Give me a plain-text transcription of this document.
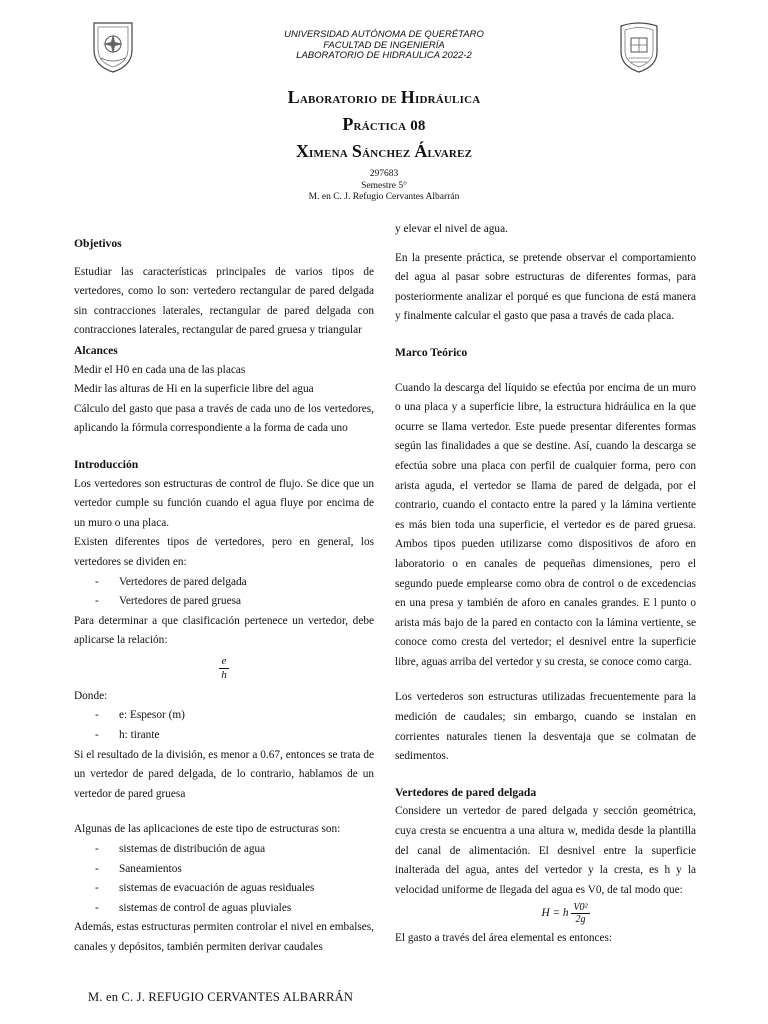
UNIVERSIDAD AUTÓNOMA DE QUERÉTARO
FACULTAD DE INGENIERÍA
LABORATORIO DE HIDRAULICA 2022-2
Laboratorio de Hidráulica
Práctica 08
Ximena Sánchez Álvarez
297683
Semestre 5°
M. en C. J. Refugio Cervantes Albarrán

Objetivos

Estudiar las características principales de varios tipos de vertedores, como lo son: vertedero rectangular de pared delgada sin contracciones laterales, rectangular de pared delgada con contracciones laterales, rectangular de pared gruesa y triangular

Alcances

Medir el H0 en cada una de las placas

Medir las alturas de Hi en la superficie libre del agua

Cálculo del gasto que pasa a través de cada uno de los vertedores, aplicando la fórmula correspondiente a la forma de cada uno

Introducción

Los vertedores son estructuras de control de flujo. Se dice que un vertedor cumple su función cuando el agua fluye por encima de un muro o una placa.

Existen diferentes tipos de vertedores, pero en general, los vertedores se dividen en:

- Vertedores de pared delgada

- Vertedores de pared gruesa

Para determinar a que clasificación pertenece un vertedor, debe aplicarse la relación:

$\frac{e}{h}$

Donde:

- e: Espesor (m)

- h: tirante

Si el resultado de la división, es menor a 0.67, entonces se trata de un vertedor de pared delgada, de lo contrario, hablamos de un vertedor de pared gruesa

Algunas de las aplicaciones de este tipo de estructuras son:

- sistemas de distribución de agua

- Saneamientos

- sistemas de evacuación de aguas residuales

- sistemas de control de aguas pluviales

Además, estas estructuras permiten controlar el nivel en embalses, canales y depósitos, también permiten derivar caudales

y elevar el nivel de agua.

En la presente práctica, se pretende observar el comportamiento del agua al pasar sobre estructuras de diferentes formas, para posteriormente analizar el porqué es que funciona de está manera y finalmente calcular el gasto que pasa a través de cada placa.

Marco Teórico

Cuando la descarga del líquido se efectúa por encima de un muro o una placa y a superficie libre, la estructura hidráulica en la que ocurre se llama vertedor. Este puede presentar diferentes formas según las finalidades a que se destine. Así, cuando la descarga se efectúa sobre una placa con perfil de cualquier forma, pero con arista aguda, el vertedor se llama de pared de delgada, por el contrario, cuando el contacto entre la pared y la lámina vertiente es más bien toda una superficie, el vertedor es de pared gruesa. Ambos tipos pueden utilizarse como dispositivos de aforo en laboratorio o en canales de pequeñas dimensiones, pero el segundo puede emplearse como obra de control o de excedencias en una presa y también de aforo en canales grandes. E l punto o arista más bajo de la pared en contacto con la lámina vertiente, se conoce como cresta del vertedor; el desnivel entre la superficie libre, aguas arriba del vertedor y su cresta, se conoce como carga.

Los vertederos son estructuras utilizadas frecuentemente para la medición de caudales; sin embargo, cuando se instalan en corrientes naturales tienen la desventaja que se colmatan de sedimentos.

Vertedores de pared delgada

Considere un vertedor de pared delgada y sección geométrica, cuya cresta se encuentra a una altura w, medida desde la plantilla del canal de alimentación. El desnivel entre la superficie inalterada del agua, antes del vertedor y la cresta, es h y la velocidad uniforme de llegada del agua es V0, de tal modo que:

H = h $\frac{\text{V0²}}{2g}$

El gasto a través del área elemental es entonces:

M. en C. J. REFUGIO CERVANTES ALBARRÁN
